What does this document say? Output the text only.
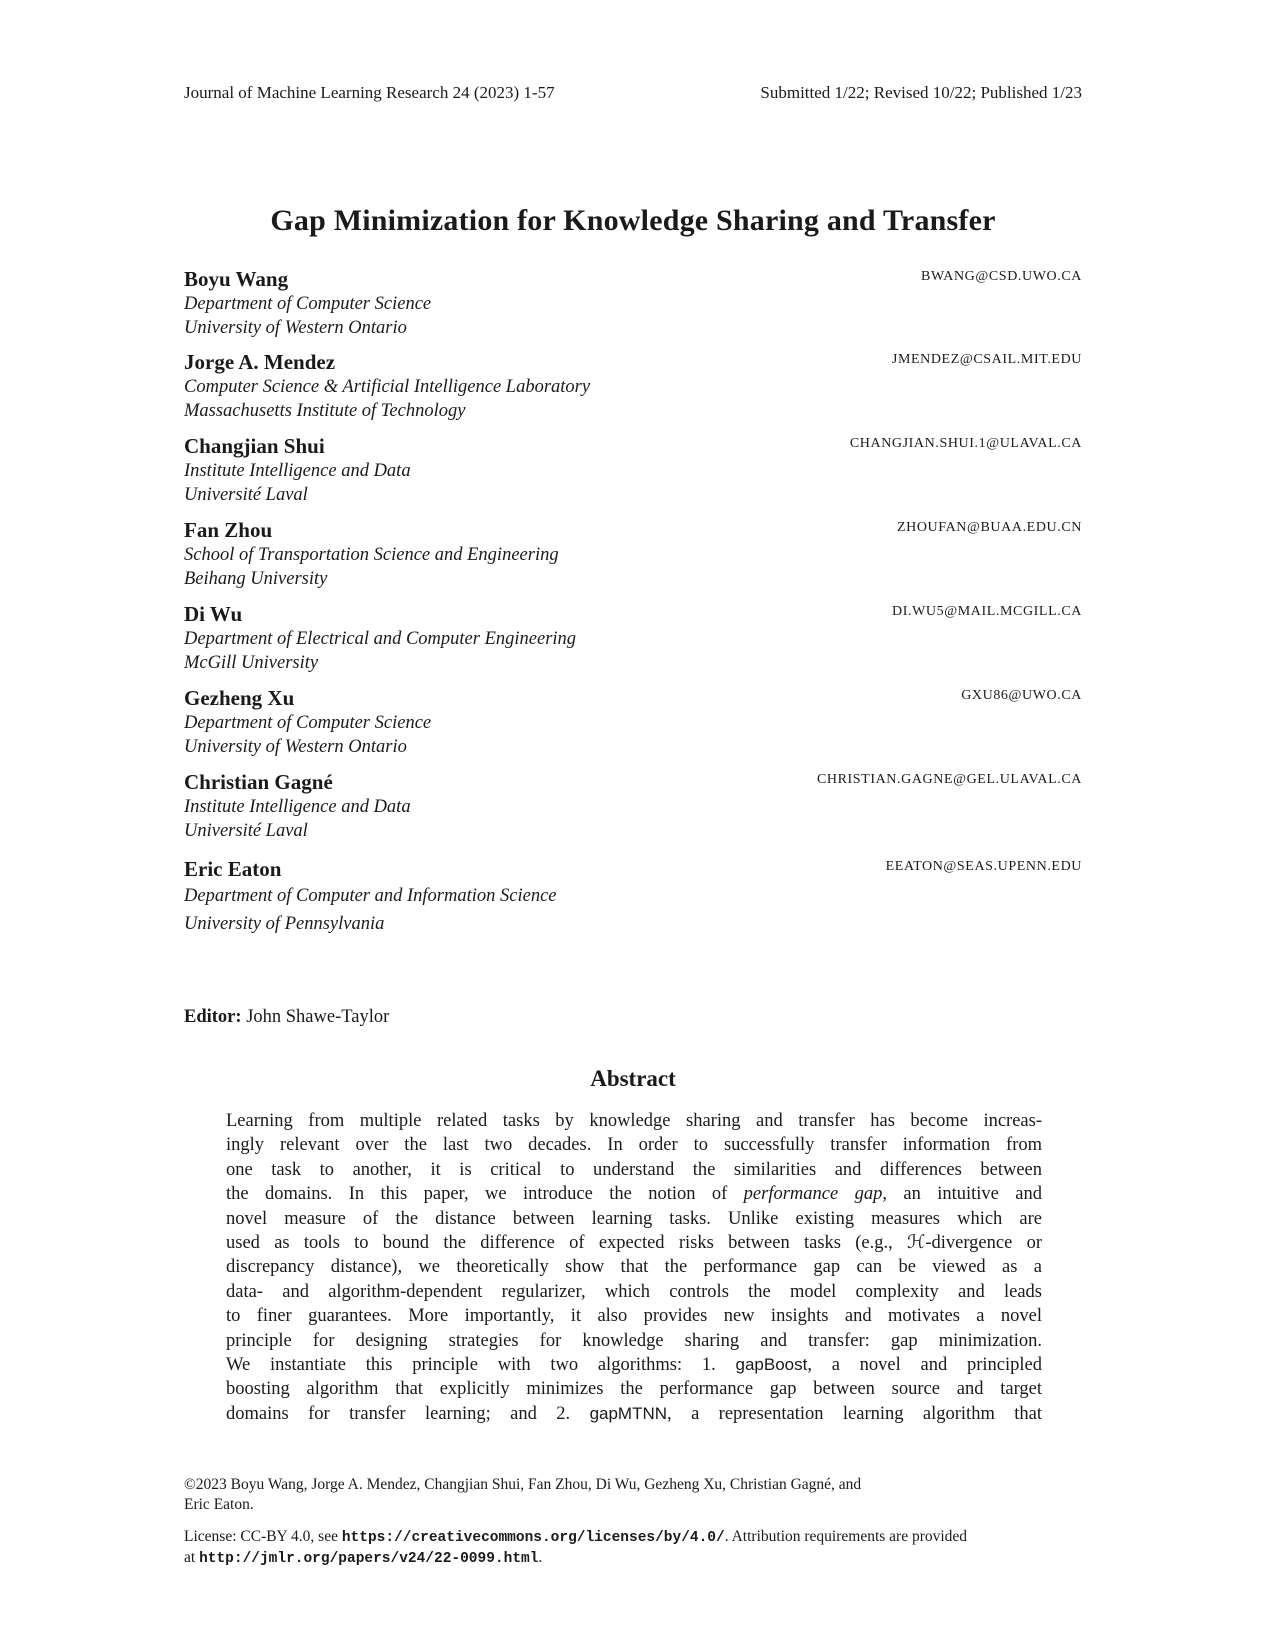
Journal of Machine Learning Research 24 (2023) 1-57	Submitted 1/22; Revised 10/22; Published 1/23
Gap Minimization for Knowledge Sharing and Transfer
Boyu Wang	BWANG@CSD.UWO.CA
Department of Computer Science
University of Western Ontario
Jorge A. Mendez	JMENDEZ@CSAIL.MIT.EDU
Computer Science & Artificial Intelligence Laboratory
Massachusetts Institute of Technology
Changjian Shui	CHANGJIAN.SHUI.1@ULAVAL.CA
Institute Intelligence and Data
Université Laval
Fan Zhou	ZHOUFAN@BUAA.EDU.CN
School of Transportation Science and Engineering
Beihang University
Di Wu	DI.WU5@MAIL.MCGILL.CA
Department of Electrical and Computer Engineering
McGill University
Gezheng Xu	GXU86@UWO.CA
Department of Computer Science
University of Western Ontario
Christian Gagné	CHRISTIAN.GAGNE@GEL.ULAVAL.CA
Institute Intelligence and Data
Université Laval
Eric Eaton	EEATON@SEAS.UPENN.EDU
Department of Computer and Information Science
University of Pennsylvania
Editor: John Shawe-Taylor
Abstract
Learning from multiple related tasks by knowledge sharing and transfer has become increas-
ingly relevant over the last two decades. In order to successfully transfer information from
one task to another, it is critical to understand the similarities and differences between
the domains. In this paper, we introduce the notion of performance gap, an intuitive and
novel measure of the distance between learning tasks. Unlike existing measures which are
used as tools to bound the difference of expected risks between tasks (e.g., ℋ-divergence or
discrepancy distance), we theoretically show that the performance gap can be viewed as a
data- and algorithm-dependent regularizer, which controls the model complexity and leads
to finer guarantees. More importantly, it also provides new insights and motivates a novel
principle for designing strategies for knowledge sharing and transfer: gap minimization.
We instantiate this principle with two algorithms: 1. gapBoost, a novel and principled
boosting algorithm that explicitly minimizes the performance gap between source and target
domains for transfer learning; and 2. gapMTNN, a representation learning algorithm that
©2023 Boyu Wang, Jorge A. Mendez, Changjian Shui, Fan Zhou, Di Wu, Gezheng Xu, Christian Gagné, and
Eric Eaton.
License: CC-BY 4.0, see https://creativecommons.org/licenses/by/4.0/. Attribution requirements are provided
at http://jmlr.org/papers/v24/22-0099.html.
